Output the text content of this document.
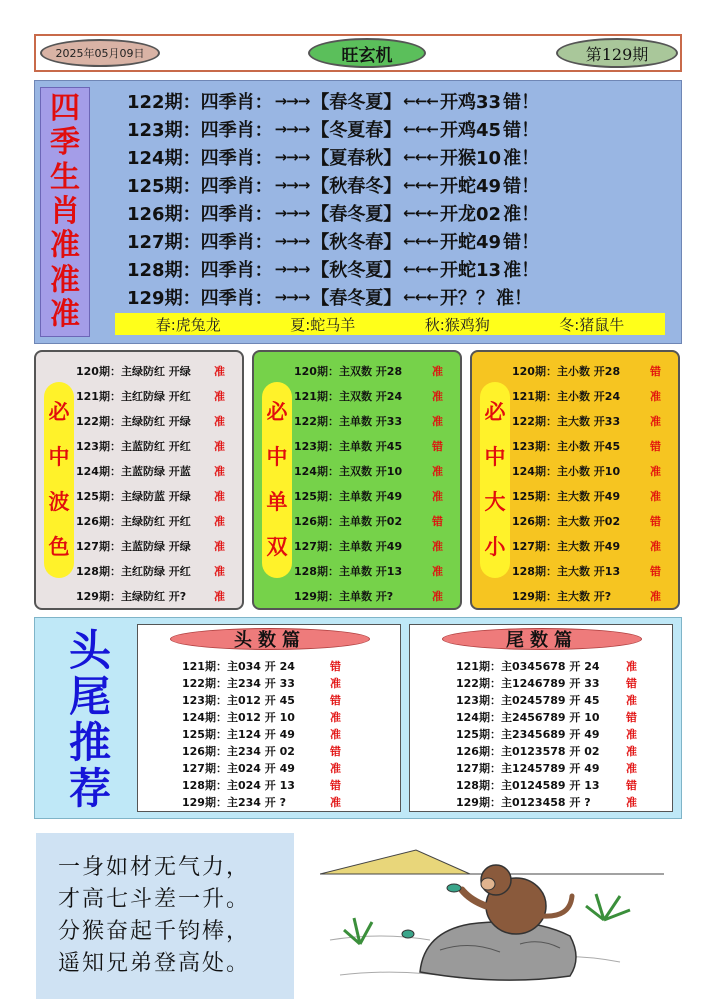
2025年05月09日	旺玄机	第129期
四
季
生
肖
准
准
准
122期： 四季肖： →→→ 【春冬夏】 ←←← 开鸡33 错！
123期： 四季肖： →→→ 【冬夏春】 ←←← 开鸡45 错！
124期： 四季肖： →→→ 【夏春秋】 ←←← 开猴10 准！
125期： 四季肖： →→→ 【秋春冬】 ←←← 开蛇49 错！
126期： 四季肖： →→→ 【春冬夏】 ←←← 开龙02 准！
127期： 四季肖： →→→ 【秋冬春】 ←←← 开蛇49 错！
128期： 四季肖： →→→ 【秋冬夏】 ←←← 开蛇13 准！
129期： 四季肖： →→→ 【春冬夏】 ←←← 开？？ 准！
春:虎兔龙	夏:蛇马羊	秋:猴鸡狗	冬:猪鼠牛
必
中
波
色
120期：主绿防红 开绿	准
121期：主红防绿 开红	准
122期：主绿防红 开绿	准
123期：主蓝防红 开红	准
124期：主蓝防绿 开蓝	准
125期：主绿防蓝 开绿	准
126期：主绿防红 开红	准
127期：主蓝防绿 开绿	准
128期：主红防绿 开红	准
129期：主绿防红 开?	准
必
中
单
双
120期：主双数 开28	准
121期：主双数 开24	准
122期：主单数 开33	准
123期：主单数 开45	错
124期：主双数 开10	准
125期：主单数 开49	准
126期：主单数 开02	错
127期：主单数 开49	准
128期：主单数 开13	准
129期：主单数 开?	准
必
中
大
小
120期：主小数 开28	错
121期：主小数 开24	准
122期：主大数 开33	准
123期：主小数 开45	错
124期：主小数 开10	准
125期：主大数 开49	准
126期：主大数 开02	错
127期：主大数 开49	准
128期：主大数 开13	错
129期：主大数 开?	准
头
尾
推
荐
头数篇
121期：主034 开 24	错
122期：主234 开 33	准
123期：主012 开 45	错
124期：主012 开 10	准
125期：主124 开 49	准
126期：主234 开 02	错
127期：主024 开 49	准
128期：主024 开 13	错
129期：主234 开 ?	准
尾数篇
121期：主0345678 开 24	准
122期：主1246789 开 33	错
123期：主0245789 开 45	准
124期：主2456789 开 10	错
125期：主2345689 开 49	准
126期：主0123578 开 02	准
127期：主1245789 开 49	准
128期：主0124589 开 13	错
129期：主0123458 开 ?	准
一身如材无气力，
才高七斗差一升。
分猴奋起千钧棒，
遥知兄弟登高处。
